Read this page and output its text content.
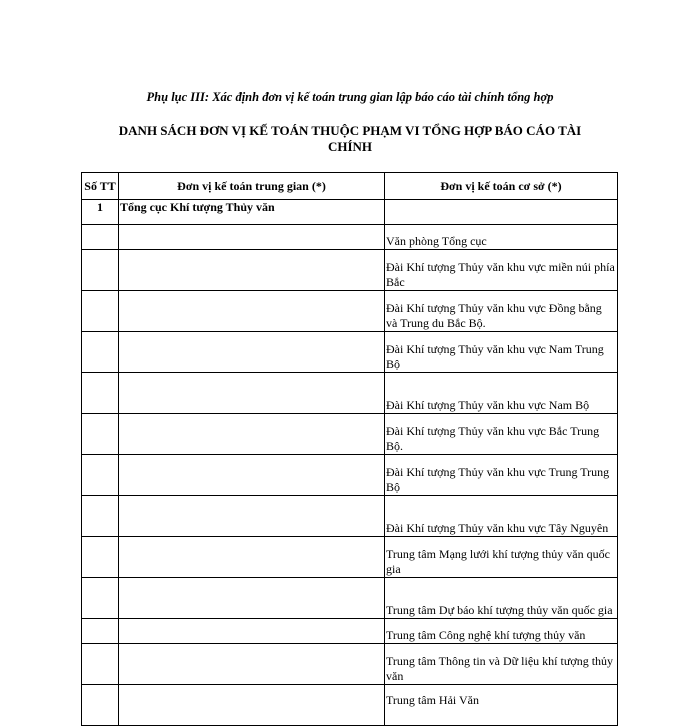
Phụ lục III: Xác định đơn vị kế toán trung gian lập báo cáo tài chính tổng hợp
DANH SÁCH ĐƠN VỊ KẾ TOÁN THUỘC PHẠM VI TỔNG HỢP BÁO CÁO TÀI CHÍNH
Số TT	Đơn vị kế toán trung gian (*)	Đơn vị kế toán cơ sở (*)
1	Tổng cục Khí tượng Thủy văn	
		Văn phòng Tổng cục
		Đài Khí tượng Thủy văn khu vực miền núi phía Bắc
		Đài Khí tượng Thủy văn khu vực Đồng bằng và Trung du Bắc Bộ.
		Đài Khí tượng Thủy văn khu vực Nam Trung Bộ
		Đài Khí tượng Thủy văn khu vực Nam Bộ
		Đài Khí tượng Thủy văn khu vực Bắc Trung Bộ.
		Đài Khí tượng Thủy văn khu vực Trung Trung Bộ
		Đài Khí tượng Thủy văn khu vực Tây Nguyên
		Trung tâm Mạng lưới khí tượng thủy văn quốc gia
		Trung tâm Dự báo khí tượng thủy văn quốc gia
		Trung tâm Công nghệ khí tượng thủy văn
		Trung tâm Thông tin và Dữ liệu khí tượng thủy văn
		Trung tâm Hải Văn
